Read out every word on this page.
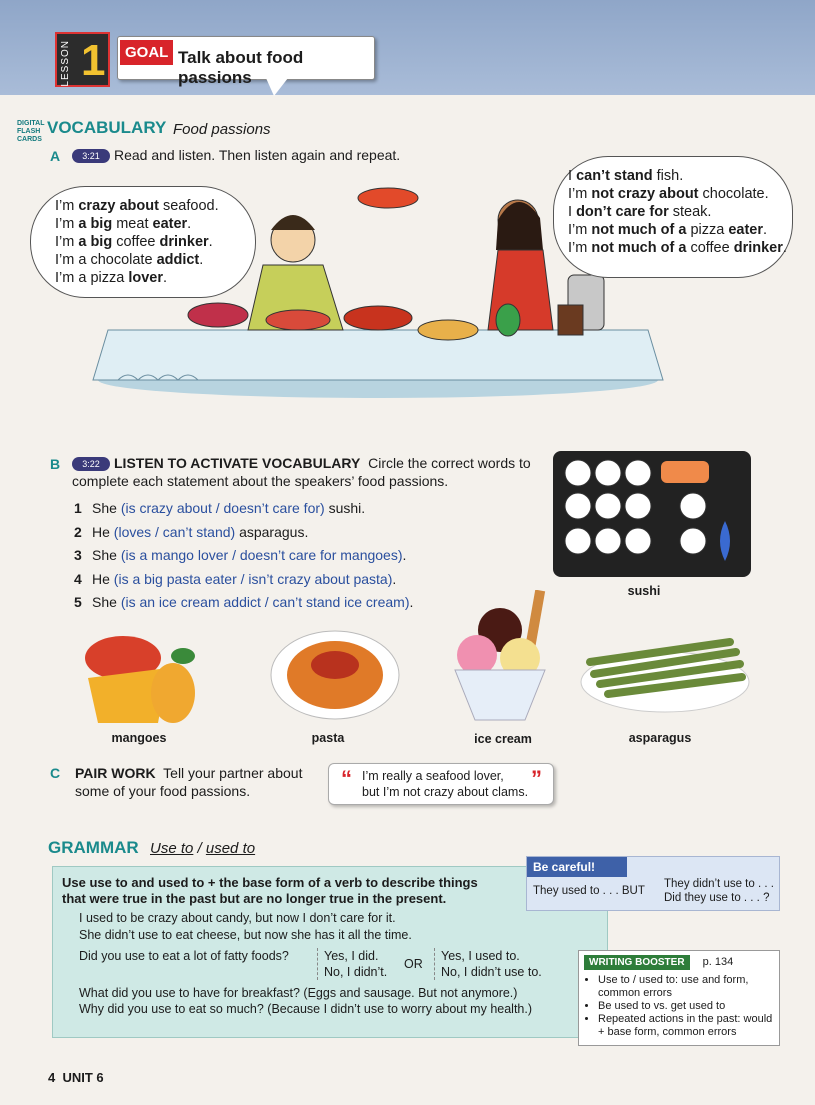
LESSON 1	GOAL Talk about food passions
DIGITAL
FLASH
CARDS
VOCABULARY Food passions
A	3:21 Read and listen. Then listen again and repeat.
I’m crazy about seafood.
I’m a big meat eater.
I’m a big coffee drinker.
I’m a chocolate addict.
I’m a pizza lover.
I can’t stand fish.
I’m not crazy about chocolate.
I don’t care for steak.
I’m not much of a pizza eater.
I’m not much of a coffee drinker.
B	3:22 LISTEN TO ACTIVATE VOCABULARY Circle the correct words to
complete each statement about the speakers’ food passions.
1 She (is crazy about / doesn’t care for) sushi.
2 He (loves / can’t stand) asparagus.
3 She (is a mango lover / doesn’t care for mangoes).
4 He (is a big pasta eater / isn’t crazy about pasta).
5 She (is an ice cream addict / can’t stand ice cream).
sushi
mangoes	pasta	ice cream	asparagus
C PAIR WORK Tell your partner about
some of your food passions.	“ I’m really a seafood lover,
but I’m not crazy about clams.
”
GRAMMAR Use to / used to
Use use to and used to + the base form of a verb to describe things
that were true in the past but are no longer true in the present.
I used to be crazy about candy, but now I don’t care for it.
She didn’t use to eat cheese, but now she has it all the time.
Did you use to eat a lot of fatty foods?	Yes, I did.
No, I didn’t.
OR
Yes, I used to.
No, I didn’t use to.
What did you use to have for breakfast? (Eggs and sausage. But not anymore.)
Why did you use to eat so much? (Because I didn’t use to worry about my health.)
Be careful!
They used to . . . BUT
They didn’t use to . . .
Did they use to . . . ?
WRITING BOOSTER p. 134
• Use to / used to: use and form, common errors
• Be used to vs. get used to
• Repeated actions in the past: would + base form, common errors
4 UNIT 6
